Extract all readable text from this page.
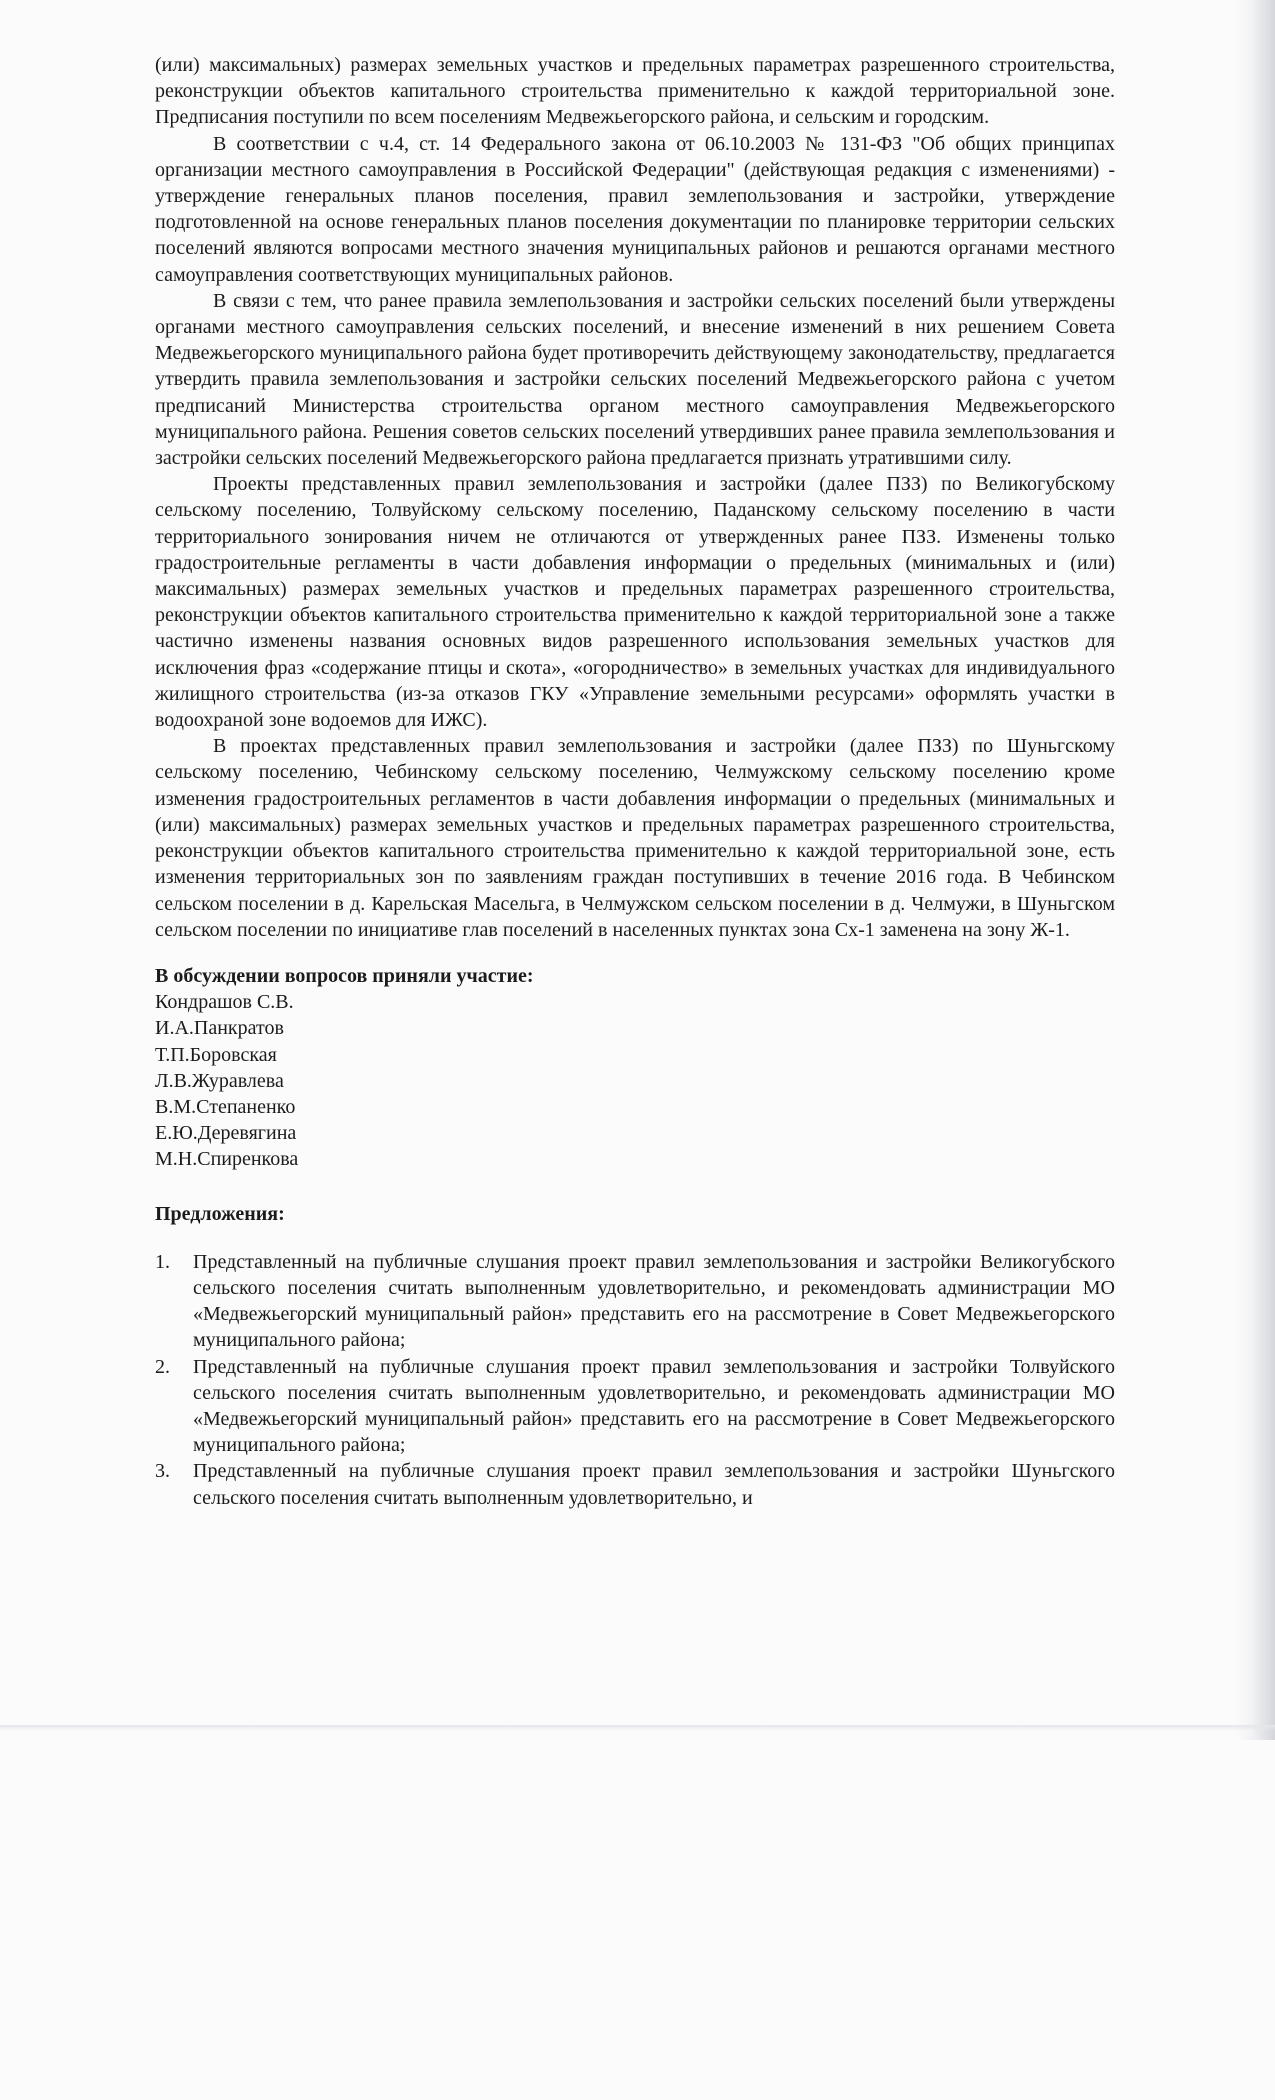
(или) максимальных) размерах земельных участков и предельных параметрах разрешенного строительства, реконструкции объектов капитального строительства применительно к каждой территориальной зоне. Предписания поступили по всем поселениям Медвежьегорского района, и сельским и городским.

В соответствии с ч.4, ст. 14 Федерального закона от 06.10.2003 № 131-ФЗ "Об общих принципах организации местного самоуправления в Российской Федерации" (действующая редакция с изменениями) - утверждение генеральных планов поселения, правил землепользования и застройки, утверждение подготовленной на основе генеральных планов поселения документации по планировке территории сельских поселений являются вопросами местного значения муниципальных районов и решаются органами местного самоуправления соответствующих муниципальных районов.

В связи с тем, что ранее правила землепользования и застройки сельских поселений были утверждены органами местного самоуправления сельских поселений, и внесение изменений в них решением Совета Медвежьегорского муниципального района будет противоречить действующему законодательству, предлагается утвердить правила землепользования и застройки сельских поселений Медвежьегорского района с учетом предписаний Министерства строительства органом местного самоуправления Медвежьегорского муниципального района. Решения советов сельских поселений утвердивших ранее правила землепользования и застройки сельских поселений Медвежьегорского района предлагается признать утратившими силу.

Проекты представленных правил землепользования и застройки (далее ПЗЗ) по Великогубскому сельскому поселению, Толвуйскому сельскому поселению, Паданскому сельскому поселению в части территориального зонирования ничем не отличаются от утвержденных ранее ПЗЗ. Изменены только градостроительные регламенты в части добавления информации о предельных (минимальных и (или) максимальных) размерах земельных участков и предельных параметрах разрешенного строительства, реконструкции объектов капитального строительства применительно к каждой территориальной зоне а также частично изменены названия основных видов разрешенного использования земельных участков для исключения фраз «содержание птицы и скота», «огородничество» в земельных участках для индивидуального жилищного строительства (из-за отказов ГКУ «Управление земельными ресурсами» оформлять участки в водоохраной зоне водоемов для ИЖС).

В проектах представленных правил землепользования и застройки (далее ПЗЗ) по Шуньгскому сельскому поселению, Чебинскому сельскому поселению, Челмужскому сельскому поселению кроме изменения градостроительных регламентов в части добавления информации о предельных (минимальных и (или) максимальных) размерах земельных участков и предельных параметрах разрешенного строительства, реконструкции объектов капитального строительства применительно к каждой территориальной зоне, есть изменения территориальных зон по заявлениям граждан поступивших в течение 2016 года. В Чебинском сельском поселении в д. Карельская Масельга, в Челмужском сельском поселении в д. Челмужи, в Шуньгском сельском поселении по инициативе глав поселений в населенных пунктах зона Сх-1 заменена на зону Ж-1.

В обсуждении вопросов приняли участие:

Кондрашов С.В.
И.А.Панкратов
Т.П.Боровская
Л.В.Журавлева
В.М.Степаненко
Е.Ю.Деревягина
М.Н.Спиренкова

Предложения:

1. Представленный на публичные слушания проект правил землепользования и застройки Великогубского сельского поселения считать выполненным удовлетворительно, и рекомендовать администрации МО «Медвежьегорский муниципальный район» представить его на рассмотрение в Совет Медвежьегорского муниципального района;
2. Представленный на публичные слушания проект правил землепользования и застройки Толвуйского сельского поселения считать выполненным удовлетворительно, и рекомендовать администрации МО «Медвежьегорский муниципальный район» представить его на рассмотрение в Совет Медвежьегорского муниципального района;
3. Представленный на публичные слушания проект правил землепользования и застройки Шуньгского сельского поселения считать выполненным удовлетворительно, и
